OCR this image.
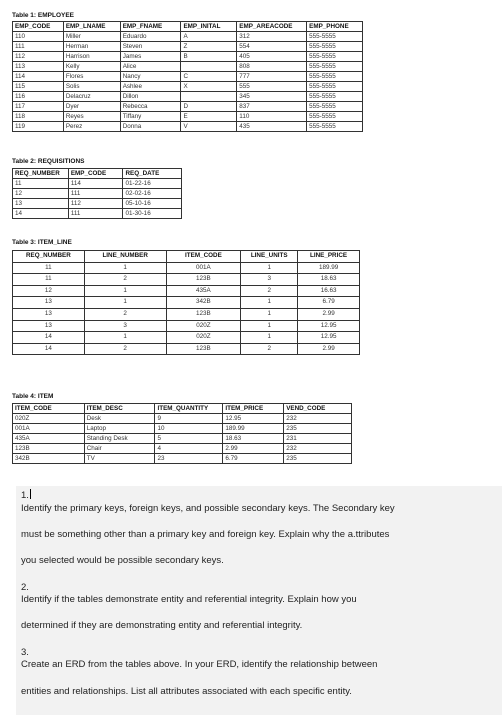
Table 1: EMPLOYEE
EMP_CODE	EMP_LNAME	EMP_FNAME	EMP_INITAL	EMP_AREACODE	EMP_PHONE
110	Miller	Eduardo	A	312	555-5555
111	Herman	Steven	Z	554	555-5555
112	Harrison	James	B	405	555-5555
113	Kelly	Alice		808	555-5555
114	Flores	Nancy	C	777	555-5555
115	Solis	Ashlee	X	555	555-5555
116	Delacruz	Dillon		345	555-5555
117	Dyer	Rebecca	D	837	555-5555
118	Reyes	Tiffany	E	110	555-5555
119	Perez	Donna	V	435	555-5555
Table 2: REQUISITIONS
REQ_NUMBER	EMP_CODE	REQ_DATE
11	114	01-22-16
12	111	02-02-16
13	112	05-10-16
14	111	01-30-16
Table 3: ITEM_LINE
REQ_NUMBER	LINE_NUMBER	ITEM_CODE	LINE_UNITS	LINE_PRICE
11	1	001A	1	189.99
11	2	123B	3	18.63
12	1	435A	2	16.63
13	1	342B	1	6.79
13	2	123B	1	2.99
13	3	020Z	1	12.95
14	1	020Z	1	12.95
14	2	123B	2	2.99
Table 4: ITEM
ITEM_CODE	ITEM_DESC	ITEM_QUANTITY	ITEM_PRICE	VEND_CODE
020Z	Desk	9	12.95	232
001A	Laptop	10	189.99	235
435A	Standing Desk	5	18.63	231
123B	Chair	4	2.99	232
342B	TV	23	6.79	235
1.
Identify the primary keys, foreign keys, and possible secondary keys. The Secondary key
must be something other than a primary key and foreign key. Explain why the a.ttributes
you selected would be possible secondary keys.
2.
Identify if the tables demonstrate entity and referential integrity. Explain how you
determined if they are demonstrating entity and referential integrity.
3.
Create an ERD from the tables above. In your ERD, identify the relationship between
entities and relationships. List all attributes associated with each specific entity.
